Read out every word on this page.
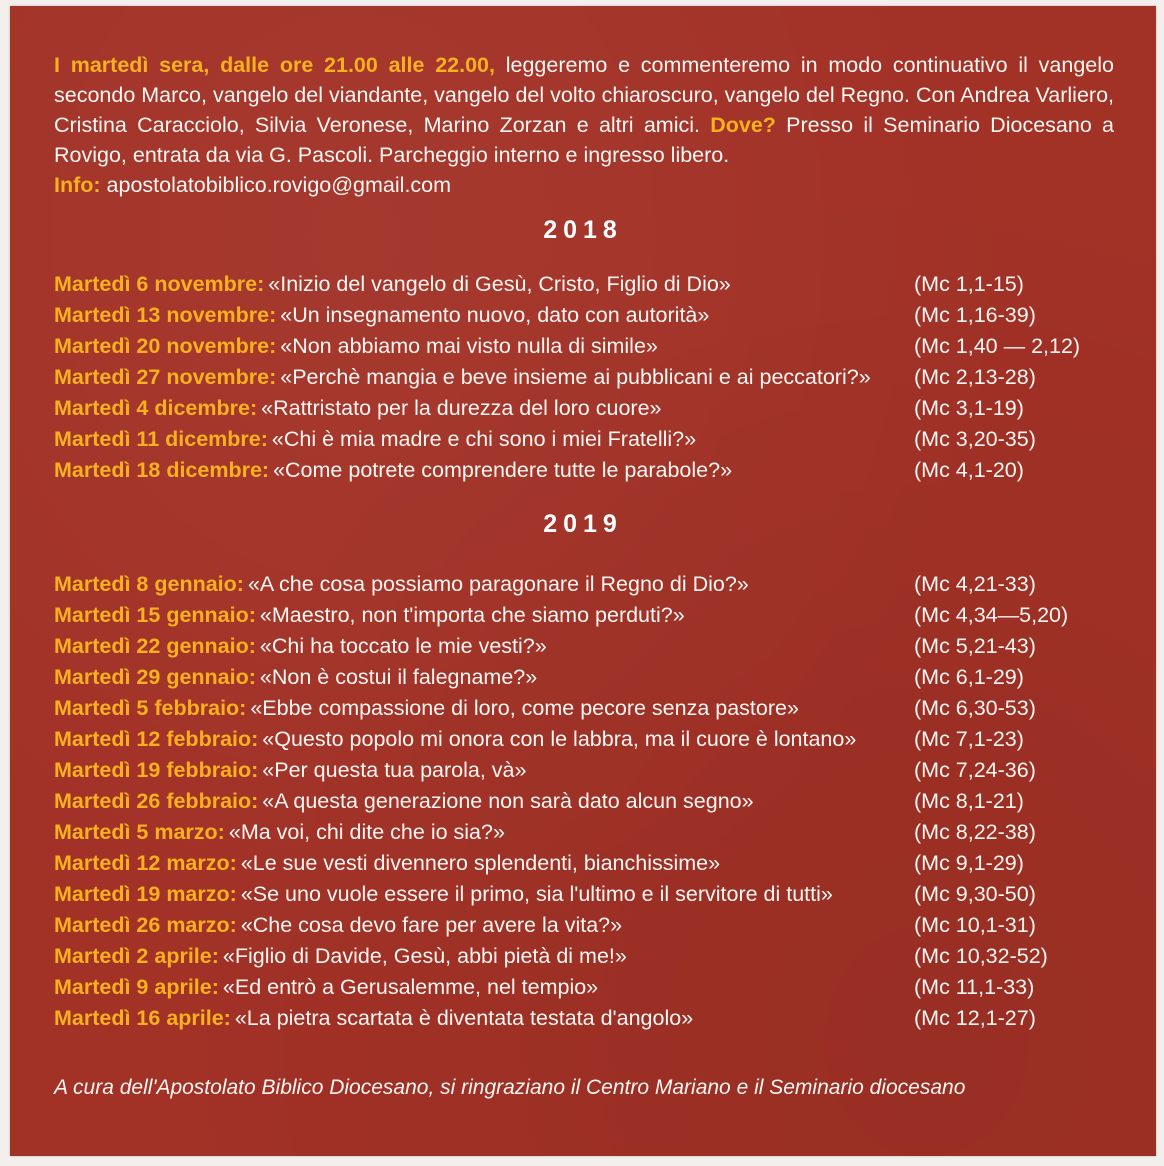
I martedì sera, dalle ore 21.00 alle 22.00, leggeremo e commenteremo in modo continuativo il vangelo secondo Marco, vangelo del viandante, vangelo del volto chiaroscuro, vangelo del Regno. Con Andrea Varliero, Cristina Caracciolo, Silvia Veronese, Marino Zorzan e altri amici. Dove? Presso il Seminario Diocesano a Rovigo, entrata da via G. Pascoli. Parcheggio interno e ingresso libero.
Info: apostolatobiblico.rovigo@gmail.com

2018
Martedì 6 novembre: «Inizio del vangelo di Gesù, Cristo, Figlio di Dio»	(Mc 1,1-15)
Martedì 13 novembre: «Un insegnamento nuovo, dato con autorità»	(Mc 1,16-39)
Martedì 20 novembre: «Non abbiamo mai visto nulla di simile»	(Mc 1,40 — 2,12)
Martedì 27 novembre: «Perchè mangia e beve insieme ai pubblicani e ai peccatori?» (Mc 2,13-28)
Martedì 4 dicembre: «Rattristato per la durezza del loro cuore»	(Mc 3,1-19)
Martedì 11 dicembre: «Chi è mia madre e chi sono i miei Fratelli?»	(Mc 3,20-35)
Martedì 18 dicembre: «Come potrete comprendere tutte le parabole?»	(Mc 4,1-20)
2019
Martedì 8 gennaio: «A che cosa possiamo paragonare il Regno di Dio?»	(Mc 4,21-33)
Martedì 15 gennaio: «Maestro, non t'importa che siamo perduti?»	(Mc 4,34—5,20)
Martedì 22 gennaio: «Chi ha toccato le mie vesti?»	(Mc 5,21-43)
Martedì 29 gennaio: «Non è costui il falegname?»	(Mc 6,1-29)
Martedì 5 febbraio: «Ebbe compassione di loro, come pecore senza pastore»	(Mc 6,30-53)
Martedì 12 febbraio: «Questo popolo mi onora con le labbra, ma il cuore è lontano»	(Mc 7,1-23)
Martedì 19 febbraio: «Per questa tua parola, và»	(Mc 7,24-36)
Martedì 26 febbraio: «A questa generazione non sarà dato alcun segno»	(Mc 8,1-21)
Martedì 5 marzo: «Ma voi, chi dite che io sia?»	(Mc 8,22-38)
Martedì 12 marzo: «Le sue vesti divennero splendenti, bianchissime»	(Mc 9,1-29)
Martedì 19 marzo: «Se uno vuole essere il primo, sia l'ultimo e il servitore di tutti»	(Mc 9,30-50)
Martedì 26 marzo: «Che cosa devo fare per avere la vita?»	(Mc 10,1-31)
Martedì 2 aprile: «Figlio di Davide, Gesù, abbi pietà di me!»	(Mc 10,32-52)
Martedì 9 aprile: «Ed entrò a Gerusalemme, nel tempio»	(Mc 11,1-33)
Martedì 16 aprile: «La pietra scartata è diventata testata d'angolo»	(Mc 12,1-27)
A cura dell'Apostolato Biblico Diocesano, si ringraziano il Centro Mariano e il Seminario diocesano
